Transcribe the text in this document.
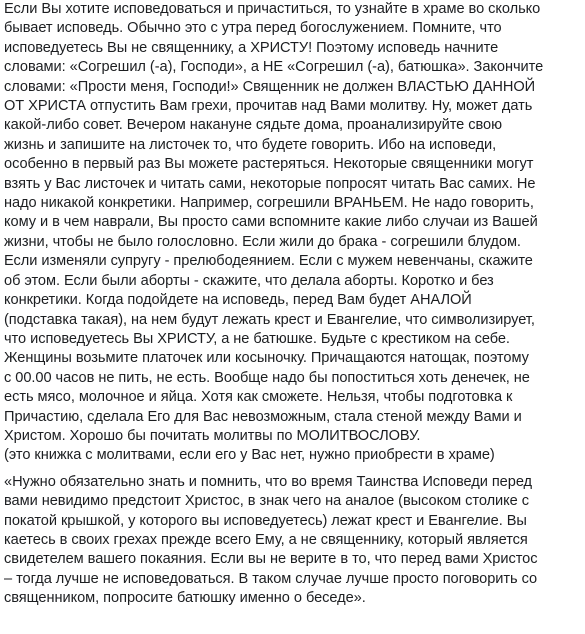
Если Вы хотите исповедоваться и причаститься, то узнайте в храме во сколько
бывает исповедь. Обычно это с утра перед богослужением. Помните, что
исповедуетесь Вы не священнику, а ХРИСТУ! Поэтому исповедь начните
словами: «Согрешил (-а), Господи», а НЕ «Согрешил (-а), батюшка». Закончите
словами: «Прости меня, Господи!» Священник не должен ВЛАСТЬЮ ДАННОЙ
ОТ ХРИСТА отпустить Вам грехи, прочитав над Вами молитву. Ну, может дать
какой-либо совет. Вечером накануне сядьте дома, проанализируйте свою
жизнь и запишите на листочек то, что будете говорить. Ибо на исповеди,
особенно в первый раз Вы можете растеряться. Некоторые священники могут
взять у Вас листочек и читать сами, некоторые попросят читать Вас самих. Не
надо никакой конкретики. Например, согрешили ВРАНЬЕМ. Не надо говорить,
кому и в чем наврали, Вы просто сами вспомните какие либо случаи из Вашей
жизни, чтобы не было голословно. Если жили до брака - согрешили блудом.
Если изменяли супругу - прелюбодеянием. Если с мужем невенчаны, скажите
об этом. Если были аборты - скажите, что делала аборты. Коротко и без
конкретики. Когда подойдете на исповедь, перед Вам будет АНАЛОЙ
(подставка такая), на нем будут лежать крест и Евангелие, что символизирует,
что исповедуетесь Вы ХРИСТУ, а не батюшке. Будьте с крестиком на себе.
Женщины возьмите платочек или косыночку. Причащаются натощак, поэтому
с 00.00 часов не пить, не есть. Вообще надо бы попоститься хоть денечек, не
есть мясо, молочное и яйца. Хотя как сможете. Нельзя, чтобы подготовка к
Причастию, сделала Его для Вас невозможным, стала стеной между Вами и
Христом. Хорошо бы почитать молитвы по МОЛИТВОСЛОВУ.
(это книжка с молитвами, если его у Вас нет, нужно приобрести в храме)
«Нужно обязательно знать и помнить, что во время Таинства Исповеди перед
вами невидимо предстоит Христос, в знак чего на аналое (высоком столике с
покатой крышкой, у которого вы исповедуетесь) лежат крест и Евангелие. Вы
каетесь в своих грехах прежде всего Ему, а не священнику, который является
свидетелем вашего покаяния. Если вы не верите в то, что перед вами Христос
– тогда лучше не исповедоваться. В таком случае лучше просто поговорить со
священником, попросите батюшку именно о беседе».
